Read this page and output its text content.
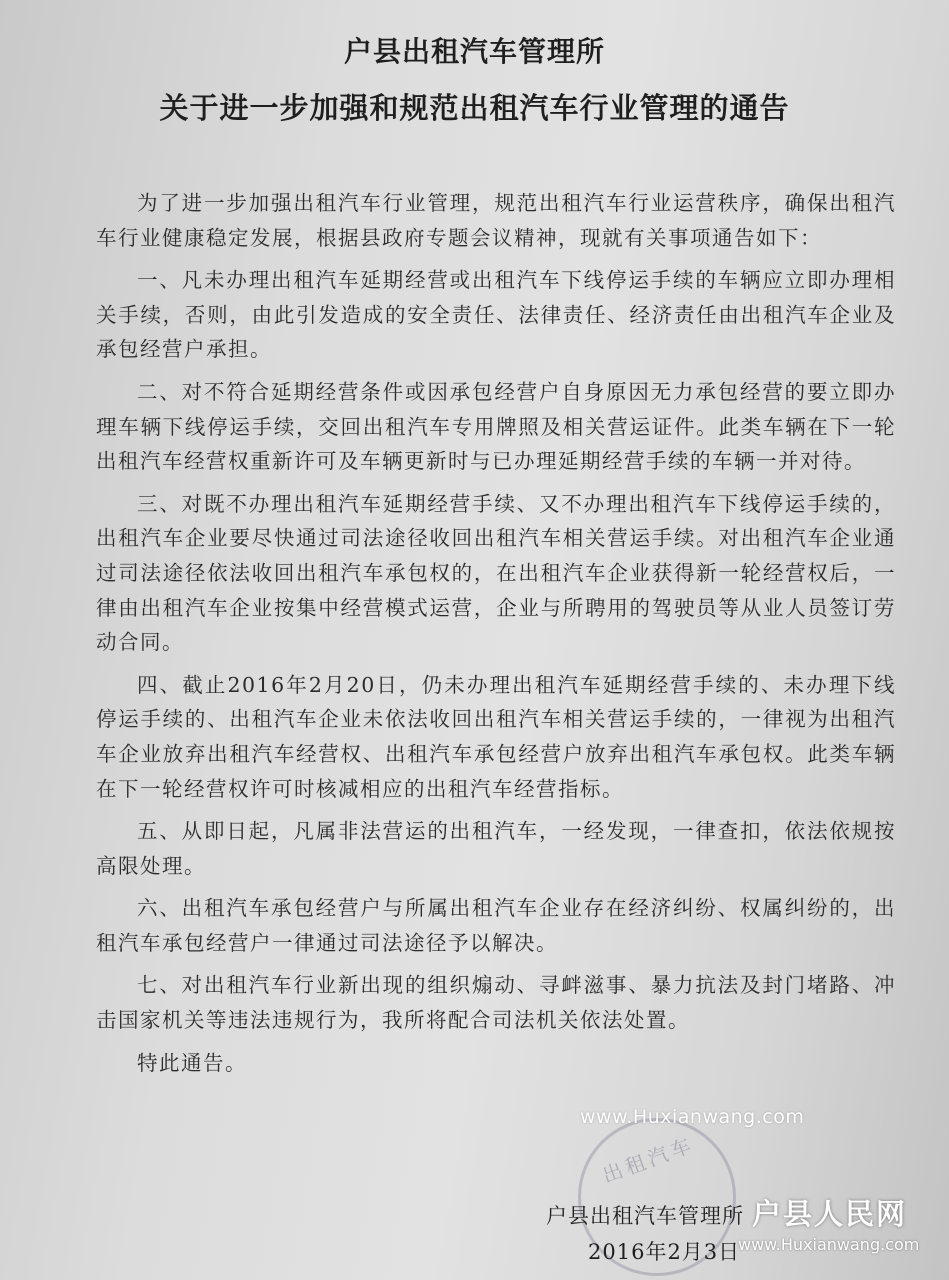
户县出租汽车管理所
关于进一步加强和规范出租汽车行业管理的通告

为了进一步加强出租汽车行业管理，规范出租汽车行业运营秩序，确保出租汽车行业健康稳定发展，根据县政府专题会议精神，现就有关事项通告如下：

一、凡未办理出租汽车延期经营或出租汽车下线停运手续的车辆应立即办理相关手续，否则，由此引发造成的安全责任、法律责任、经济责任由出租汽车企业及承包经营户承担。

二、对不符合延期经营条件或因承包经营户自身原因无力承包经营的要立即办理车辆下线停运手续，交回出租汽车专用牌照及相关营运证件。此类车辆在下一轮出租汽车经营权重新许可及车辆更新时与已办理延期经营手续的车辆一并对待。

三、对既不办理出租汽车延期经营手续、又不办理出租汽车下线停运手续的，出租汽车企业要尽快通过司法途径收回出租汽车相关营运手续。对出租汽车企业通过司法途径依法收回出租汽车承包权的，在出租汽车企业获得新一轮经营权后，一律由出租汽车企业按集中经营模式运营，企业与所聘用的驾驶员等从业人员签订劳动合同。

四、截止2016年2月20日，仍未办理出租汽车延期经营手续的、未办理下线停运手续的、出租汽车企业未依法收回出租汽车相关营运手续的，一律视为出租汽车企业放弃出租汽车经营权、出租汽车承包经营户放弃出租汽车承包权。此类车辆在下一轮经营权许可时核减相应的出租汽车经营指标。

五、从即日起，凡属非法营运的出租汽车，一经发现，一律查扣，依法依规按高限处理。

六、出租汽车承包经营户与所属出租汽车企业存在经济纠纷、权属纠纷的，出租汽车承包经营户一律通过司法途径予以解决。

七、对出租汽车行业新出现的组织煽动、寻衅滋事、暴力抗法及封门堵路、冲击国家机关等违法违规行为，我所将配合司法机关依法处置。

特此通告。

出租汽车
www.Huxianwang.com
户县出租汽车管理所
2016年2月3日
户县人民网
www.Huxianwang.com
